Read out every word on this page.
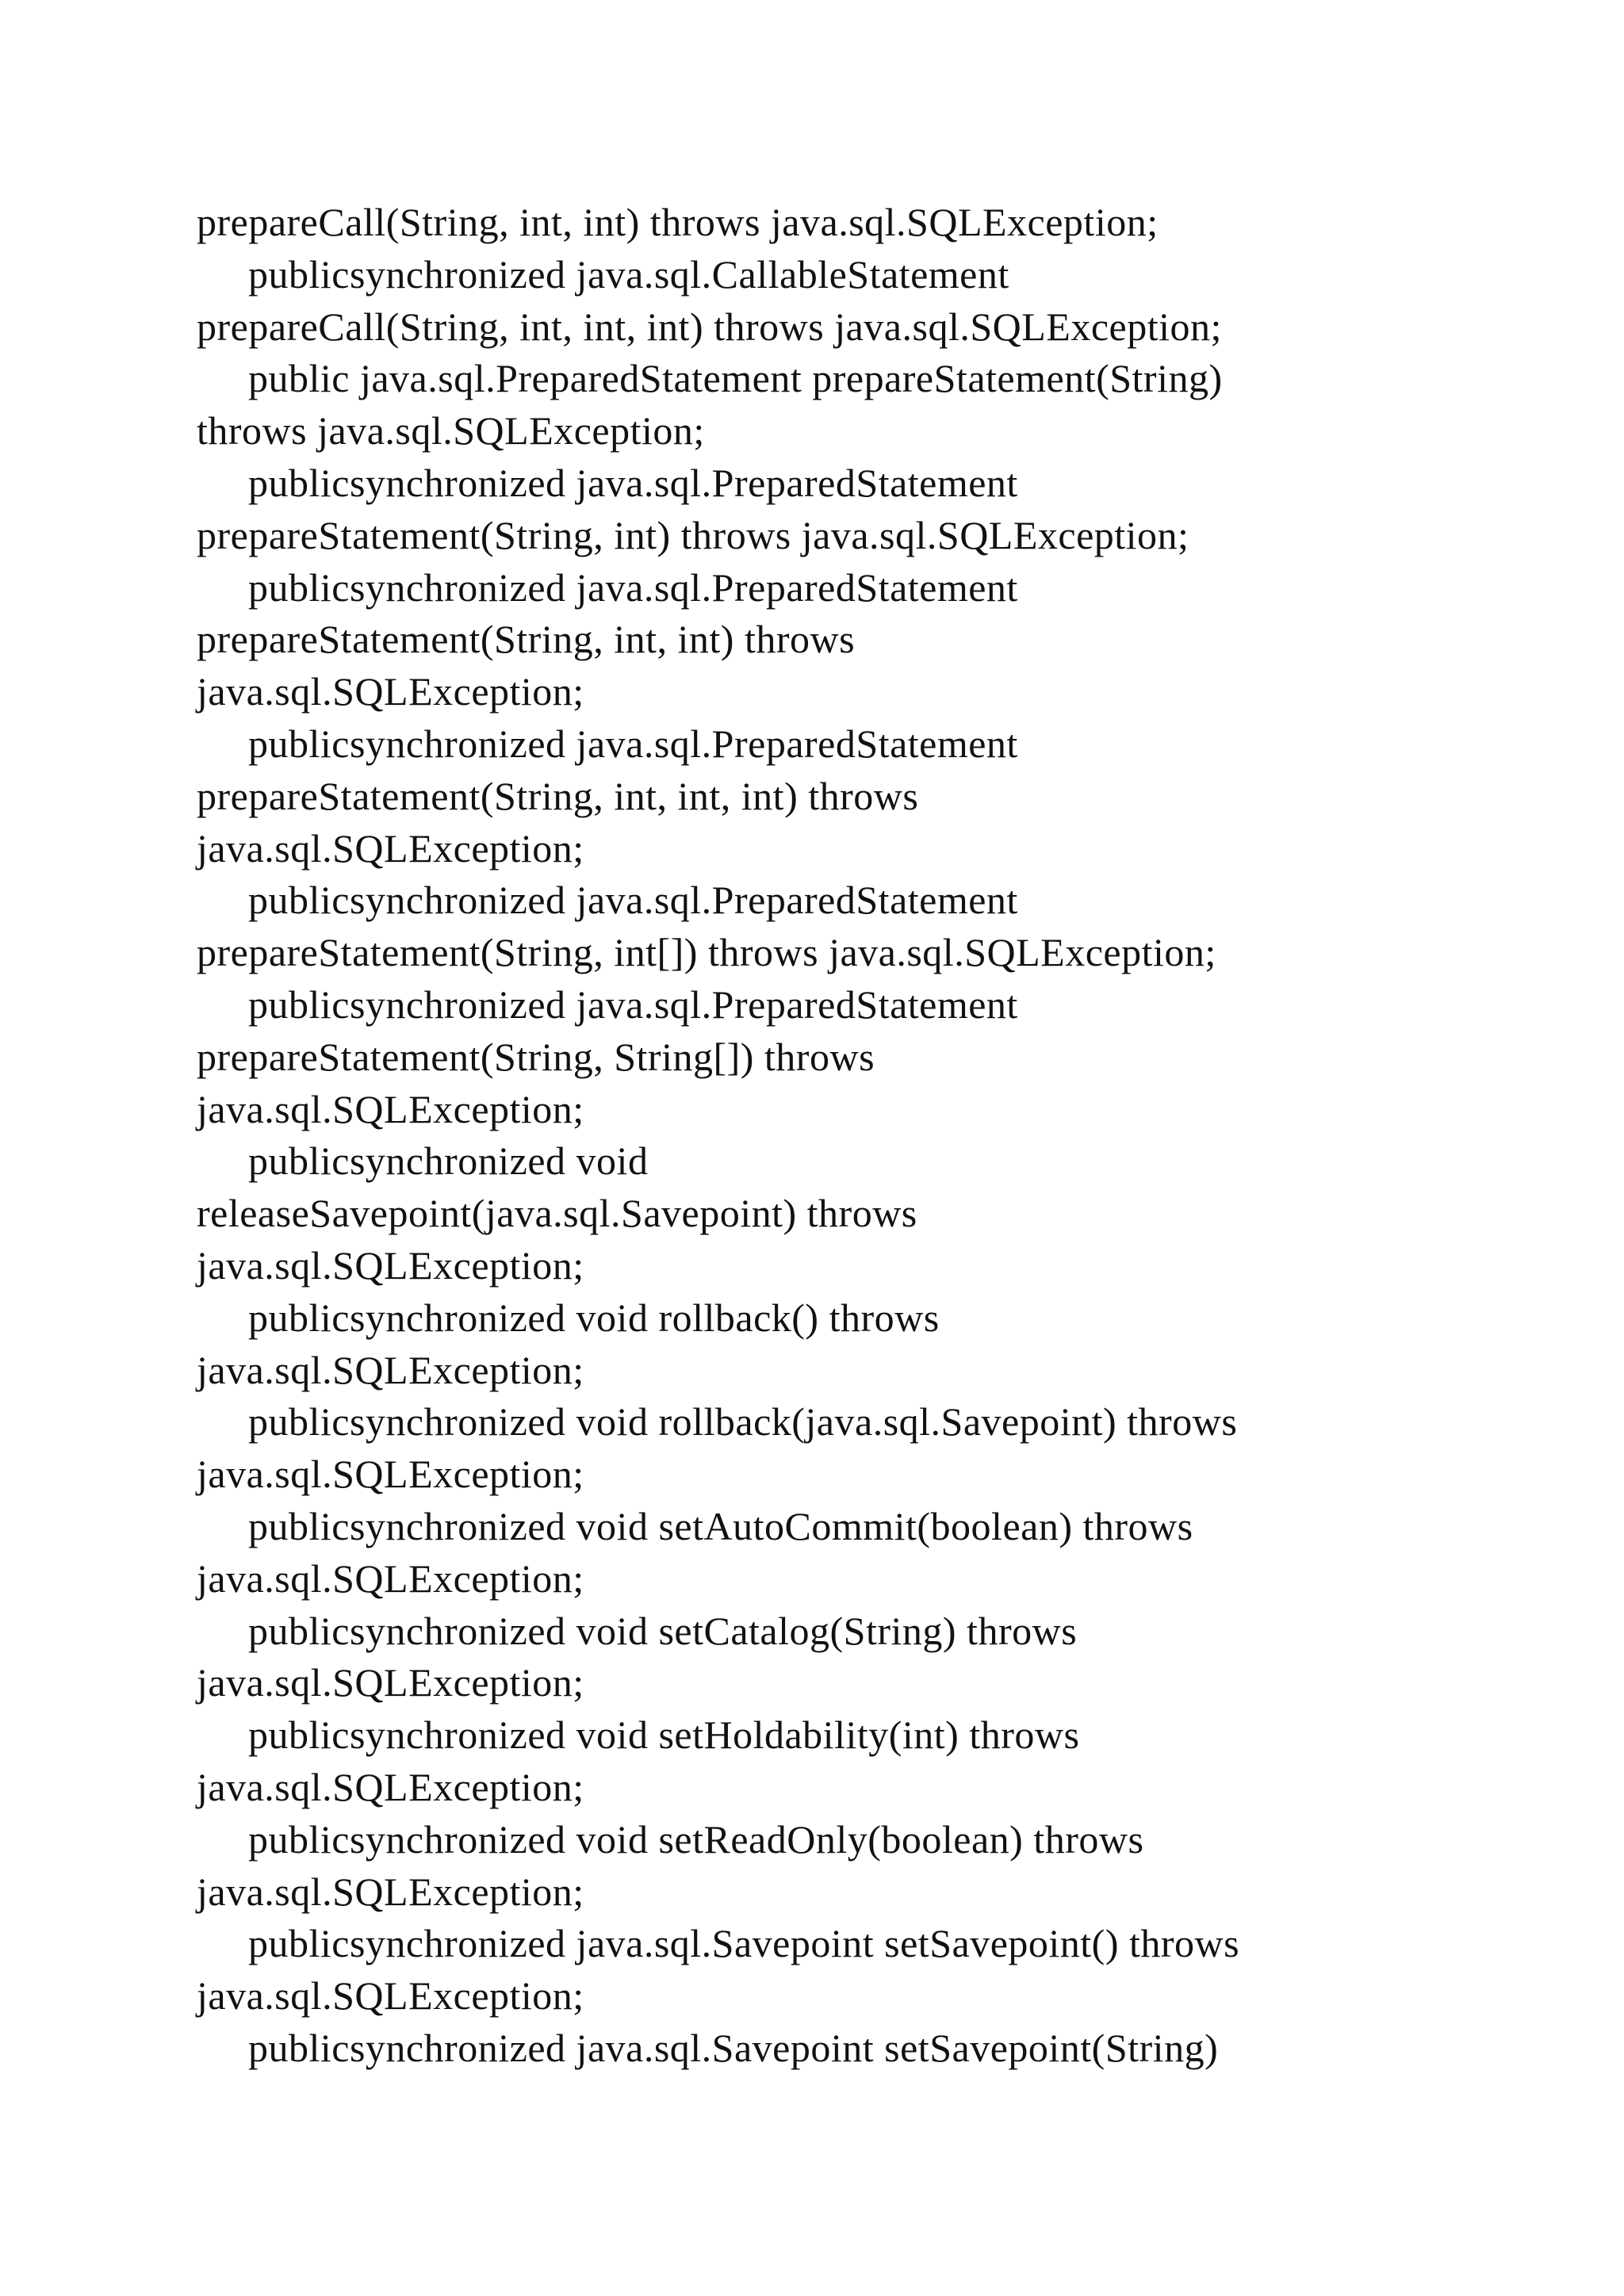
prepareCall(String, int, int) throws java.sql.SQLException;
publicsynchronized java.sql.CallableStatement
prepareCall(String, int, int, int) throws java.sql.SQLException;
public java.sql.PreparedStatement prepareStatement(String)
throws java.sql.SQLException;
publicsynchronized java.sql.PreparedStatement
prepareStatement(String, int) throws java.sql.SQLException;
publicsynchronized java.sql.PreparedStatement
prepareStatement(String, int, int) throws
java.sql.SQLException;
publicsynchronized java.sql.PreparedStatement
prepareStatement(String, int, int, int) throws
java.sql.SQLException;
publicsynchronized java.sql.PreparedStatement
prepareStatement(String, int[]) throws java.sql.SQLException;
publicsynchronized java.sql.PreparedStatement
prepareStatement(String, String[]) throws
java.sql.SQLException;
publicsynchronized void
releaseSavepoint(java.sql.Savepoint) throws
java.sql.SQLException;
publicsynchronized void rollback() throws
java.sql.SQLException;
publicsynchronized void rollback(java.sql.Savepoint) throws
java.sql.SQLException;
publicsynchronized void setAutoCommit(boolean) throws
java.sql.SQLException;
publicsynchronized void setCatalog(String) throws
java.sql.SQLException;
publicsynchronized void setHoldability(int) throws
java.sql.SQLException;
publicsynchronized void setReadOnly(boolean) throws
java.sql.SQLException;
publicsynchronized java.sql.Savepoint setSavepoint() throws
java.sql.SQLException;
publicsynchronized java.sql.Savepoint setSavepoint(String)
